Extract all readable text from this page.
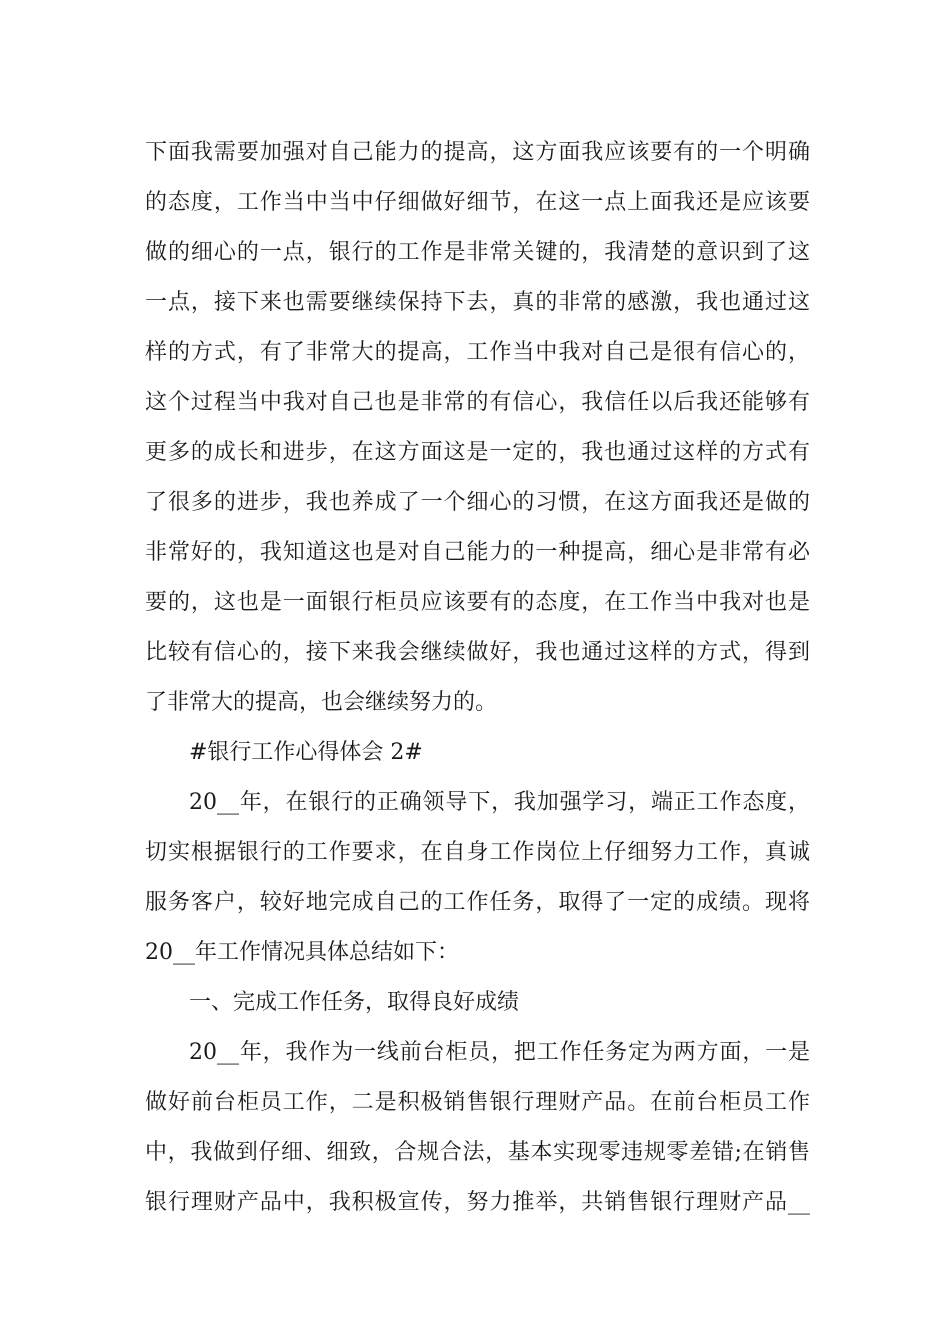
下面我需要加强对自己能力的提高，这方面我应该要有的一个明确
的态度，工作当中当中仔细做好细节，在这一点上面我还是应该要
做的细心的一点，银行的工作是非常关键的，我清楚的意识到了这
一点，接下来也需要继续保持下去，真的非常的感激，我也通过这
样的方式，有了非常大的提高，工作当中我对自己是很有信心的，
这个过程当中我对自己也是非常的有信心，我信任以后我还能够有
更多的成长和进步，在这方面这是一定的，我也通过这样的方式有
了很多的进步，我也养成了一个细心的习惯，在这方面我还是做的
非常好的，我知道这也是对自己能力的一种提高，细心是非常有必
要的，这也是一面银行柜员应该要有的态度，在工作当中我对也是
比较有信心的，接下来我会继续做好，我也通过这样的方式，得到
了非常大的提高，也会继续努力的。
#银行工作心得体会 2#
20__年，在银行的正确领导下，我加强学习，端正工作态度，
切实根据银行的工作要求，在自身工作岗位上仔细努力工作，真诚
服务客户，较好地完成自己的工作任务，取得了一定的成绩。现将
20__年工作情况具体总结如下：
一、完成工作任务，取得良好成绩
20__年，我作为一线前台柜员，把工作任务定为两方面，一是
做好前台柜员工作，二是积极销售银行理财产品。在前台柜员工作
中，我做到仔细、细致，合规合法，基本实现零违规零差错;在销售
银行理财产品中，我积极宣传，努力推举，共销售银行理财产品__
